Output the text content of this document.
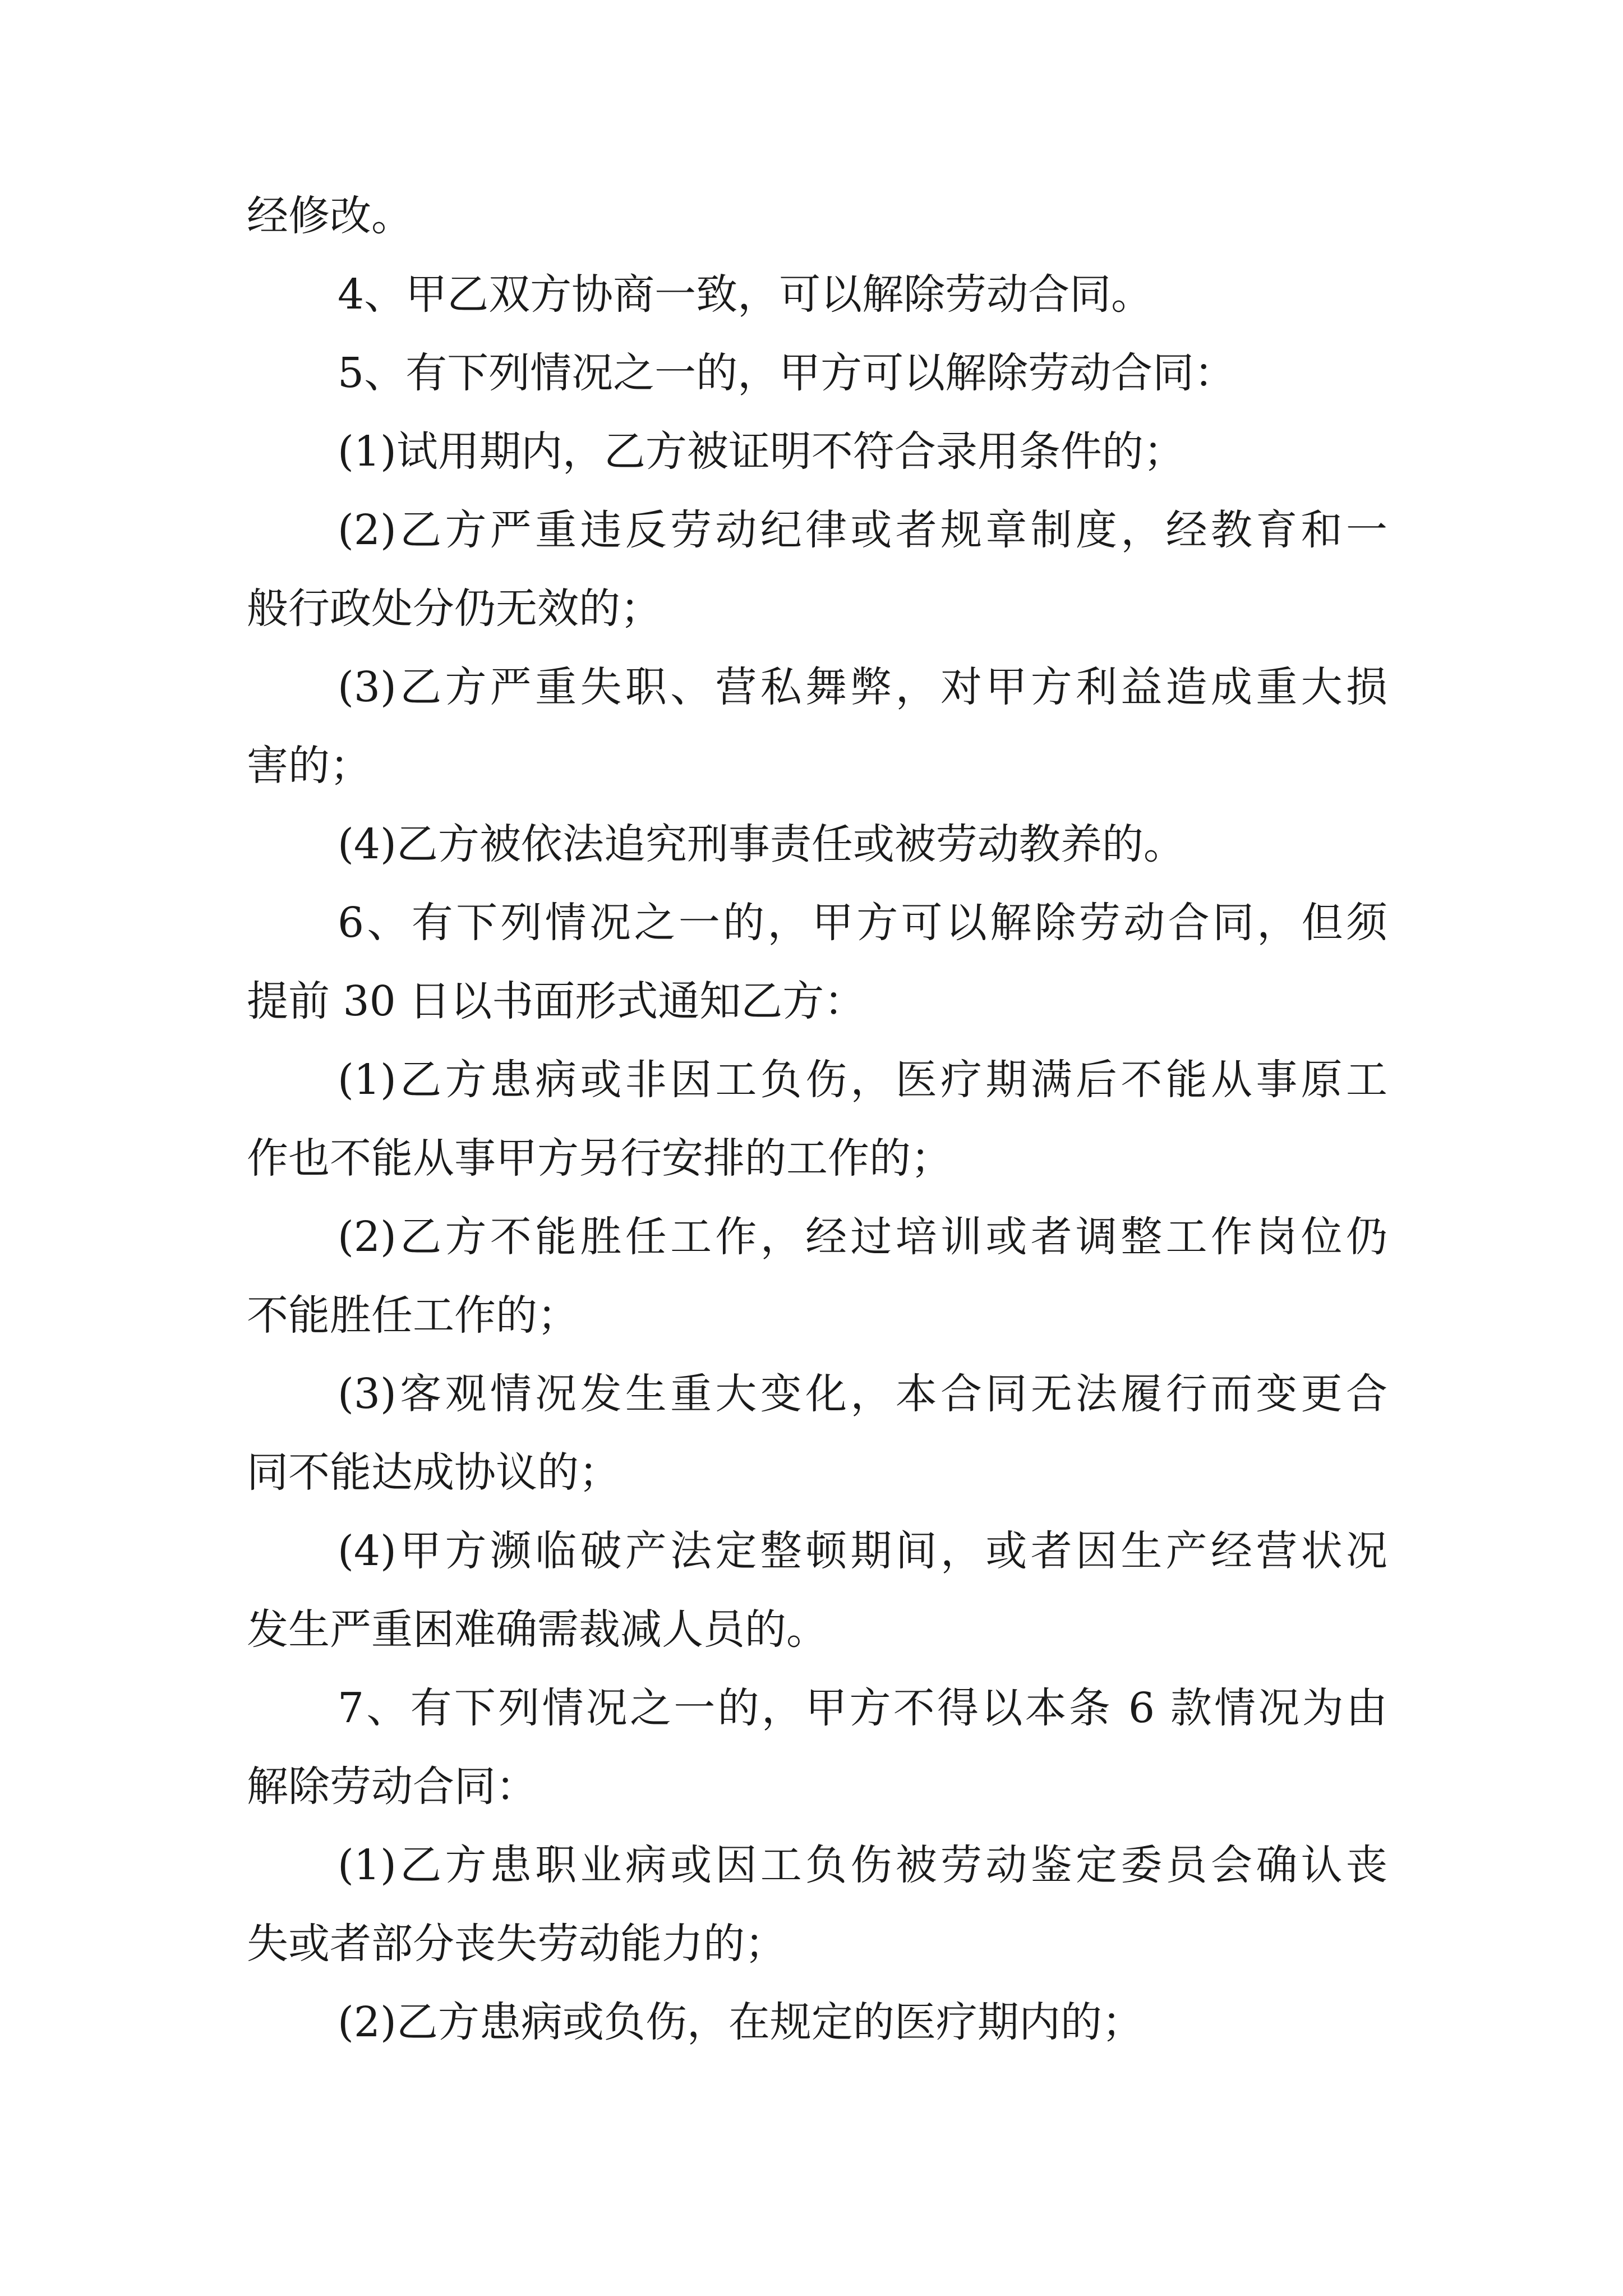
经修改。
4、甲乙双方协商一致，可以解除劳动合同。
5、有下列情况之一的，甲方可以解除劳动合同：
(1)试用期内，乙方被证明不符合录用条件的；
(2)乙方严重违反劳动纪律或者规章制度，经教育和一
般行政处分仍无效的；
(3)乙方严重失职、营私舞弊，对甲方利益造成重大损
害的；
(4)乙方被依法追究刑事责任或被劳动教养的。
6、有下列情况之一的，甲方可以解除劳动合同，但须
提前 30 日以书面形式通知乙方：
(1)乙方患病或非因工负伤，医疗期满后不能从事原工
作也不能从事甲方另行安排的工作的；
(2)乙方不能胜任工作，经过培训或者调整工作岗位仍
不能胜任工作的；
(3)客观情况发生重大变化，本合同无法履行而变更合
同不能达成协议的；
(4)甲方濒临破产法定整顿期间，或者因生产经营状况
发生严重困难确需裁减人员的。
7、有下列情况之一的，甲方不得以本条 6 款情况为由
解除劳动合同：
(1)乙方患职业病或因工负伤被劳动鉴定委员会确认丧
失或者部分丧失劳动能力的；
(2)乙方患病或负伤，在规定的医疗期内的；
